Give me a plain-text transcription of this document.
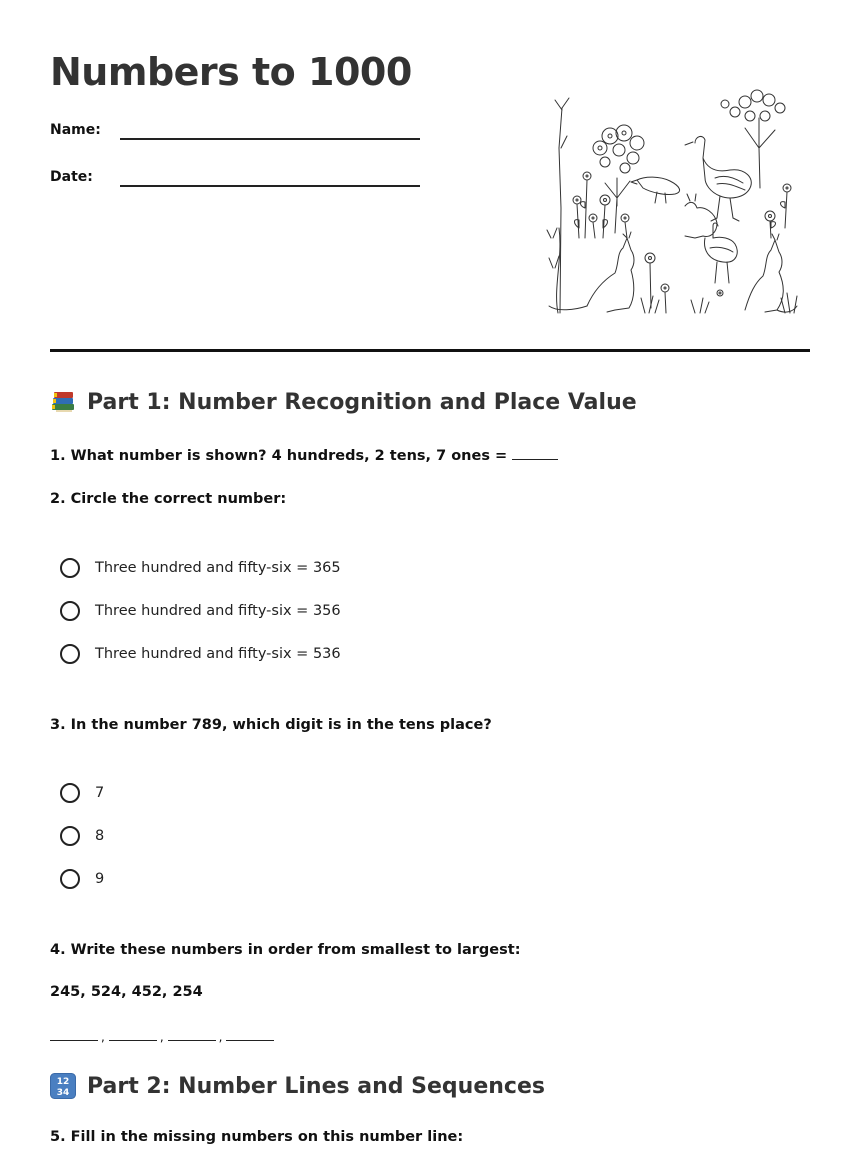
Numbers to 1000
Name:
Date:
Part 1: Number Recognition and Place Value
1. What number is shown? 4 hundreds, 2 tens, 7 ones =
2. Circle the correct number:
Three hundred and fifty-six = 365
Three hundred and fifty-six = 356
Three hundred and fifty-six = 536
3. In the number 789, which digit is in the tens place?
7
8
9
4. Write these numbers in order from smallest to largest:
245, 524, 452, 254
,	,	,
12
34 Part 2: Number Lines and Sequences
5. Fill in the missing numbers on this number line:
